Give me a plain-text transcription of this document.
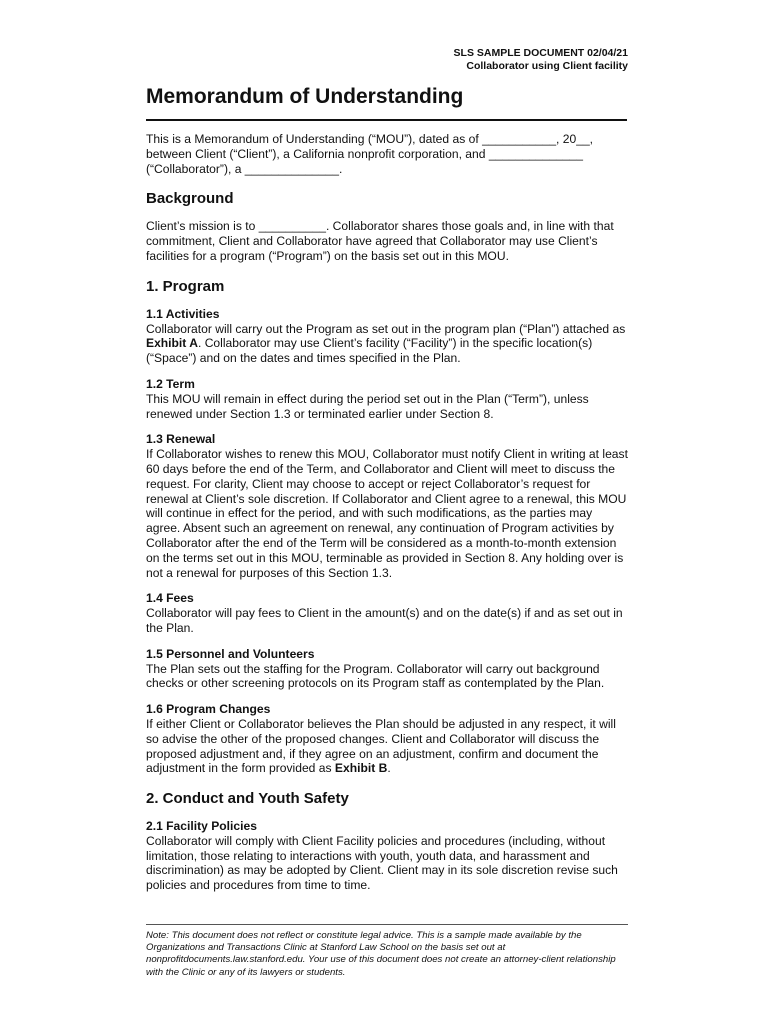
SLS SAMPLE DOCUMENT 02/04/21
Collaborator using Client facility
Memorandum of Understanding

This is a Memorandum of Understanding (“MOU”), dated as of ___________, 20__, between Client (“Client”), a California nonprofit corporation, and ______________ (“Collaborator”), a ______________.

Background

Client’s mission is to __________. Collaborator shares those goals and, in line with that commitment, Client and Collaborator have agreed that Collaborator may use Client’s facilities for a program (“Program”) on the basis set out in this MOU.

1. Program
1.1 Activities

Collaborator will carry out the Program as set out in the program plan (“Plan”) attached as Exhibit A. Collaborator may use Client’s facility (“Facility”) in the specific location(s) (“Space”) and on the dates and times specified in the Plan.

1.2 Term

This MOU will remain in effect during the period set out in the Plan (“Term”), unless renewed under Section 1.3 or terminated earlier under Section 8.

1.3 Renewal

If Collaborator wishes to renew this MOU, Collaborator must notify Client in writing at least 60 days before the end of the Term, and Collaborator and Client will meet to discuss the request. For clarity, Client may choose to accept or reject Collaborator’s request for renewal at Client’s sole discretion. If Collaborator and Client agree to a renewal, this MOU will continue in effect for the period, and with such modifications, as the parties may agree. Absent such an agreement on renewal, any continuation of Program activities by Collaborator after the end of the Term will be considered as a month-to-month extension on the terms set out in this MOU, terminable as provided in Section 8. Any holding over is not a renewal for purposes of this Section 1.3.

1.4 Fees

Collaborator will pay fees to Client in the amount(s) and on the date(s) if and as set out in the Plan.

1.5 Personnel and Volunteers

The Plan sets out the staffing for the Program. Collaborator will carry out background checks or other screening protocols on its Program staff as contemplated by the Plan.

1.6 Program Changes

If either Client or Collaborator believes the Plan should be adjusted in any respect, it will so advise the other of the proposed changes. Client and Collaborator will discuss the proposed adjustment and, if they agree on an adjustment, confirm and document the adjustment in the form provided as Exhibit B.

2. Conduct and Youth Safety
2.1 Facility Policies

Collaborator will comply with Client Facility policies and procedures (including, without limitation, those relating to interactions with youth, youth data, and harassment and discrimination) as may be adopted by Client. Client may in its sole discretion revise such policies and procedures from time to time.

Note: This document does not reflect or constitute legal advice. This is a sample made available by the Organizations and Transactions Clinic at Stanford Law School on the basis set out at nonprofitdocuments.law.stanford.edu. Your use of this document does not create an attorney-client relationship with the Clinic or any of its lawyers or students.
